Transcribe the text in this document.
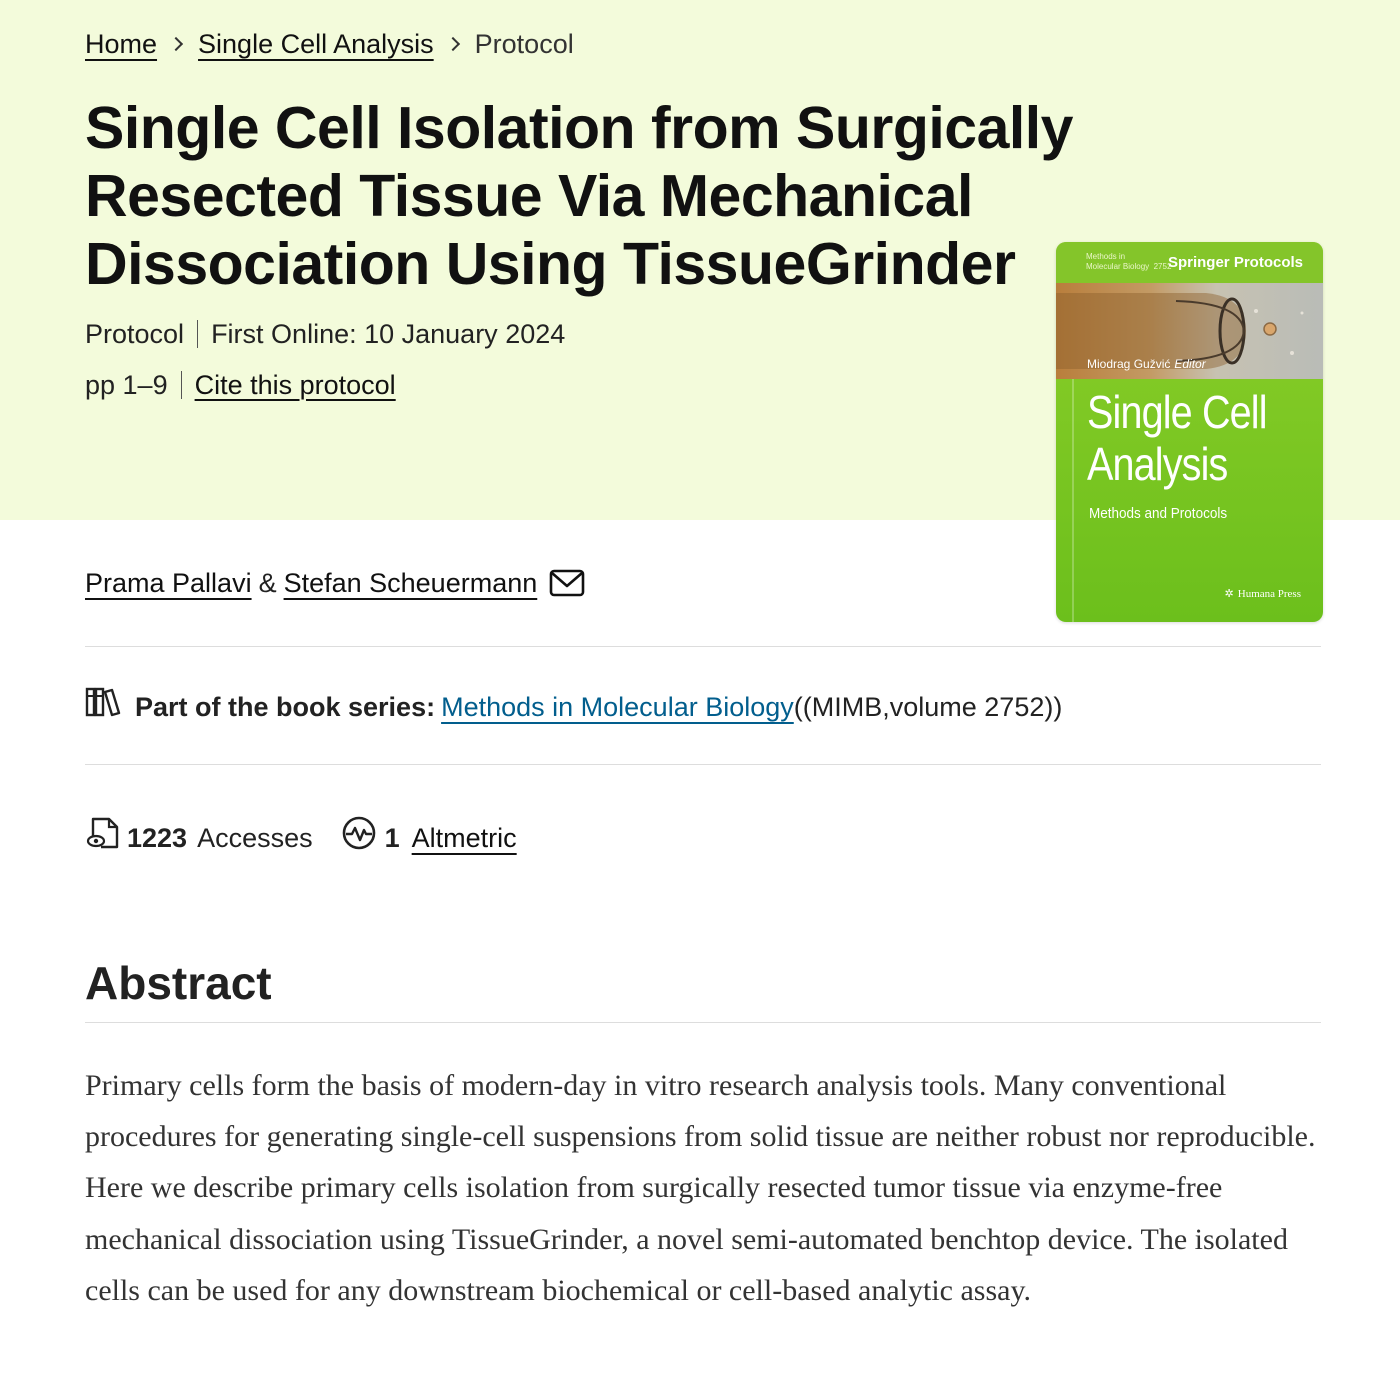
Home Single Cell Analysis Protocol
Single Cell Isolation from Surgically Resected Tissue Via Mechanical Dissociation Using TissueGrinder
Protocol First Online: 10 January 2024
pp 1–9 Cite this protocol
Methods in
Molecular Biology 2752
Springer Protocols
Miodrag Gužvić Editor
Single Cell Analysis
Methods and Protocols
✲ Humana Press
Prama Pallavi & Stefan Scheuermann
Part of the book series: Methods in Molecular Biology ((MIMB,volume 2752))
1223 Accesses	1 Altmetric
Abstract

Primary cells form the basis of modern-day in vitro research analysis tools. Many conventional procedures for generating single-cell suspensions from solid tissue are neither robust nor reproducible. Here we describe primary cells isolation from surgically resected tumor tissue via enzyme-free mechanical dissociation using TissueGrinder, a novel semi-automated benchtop device. The isolated cells can be used for any downstream biochemical or cell-based analytic assay.
